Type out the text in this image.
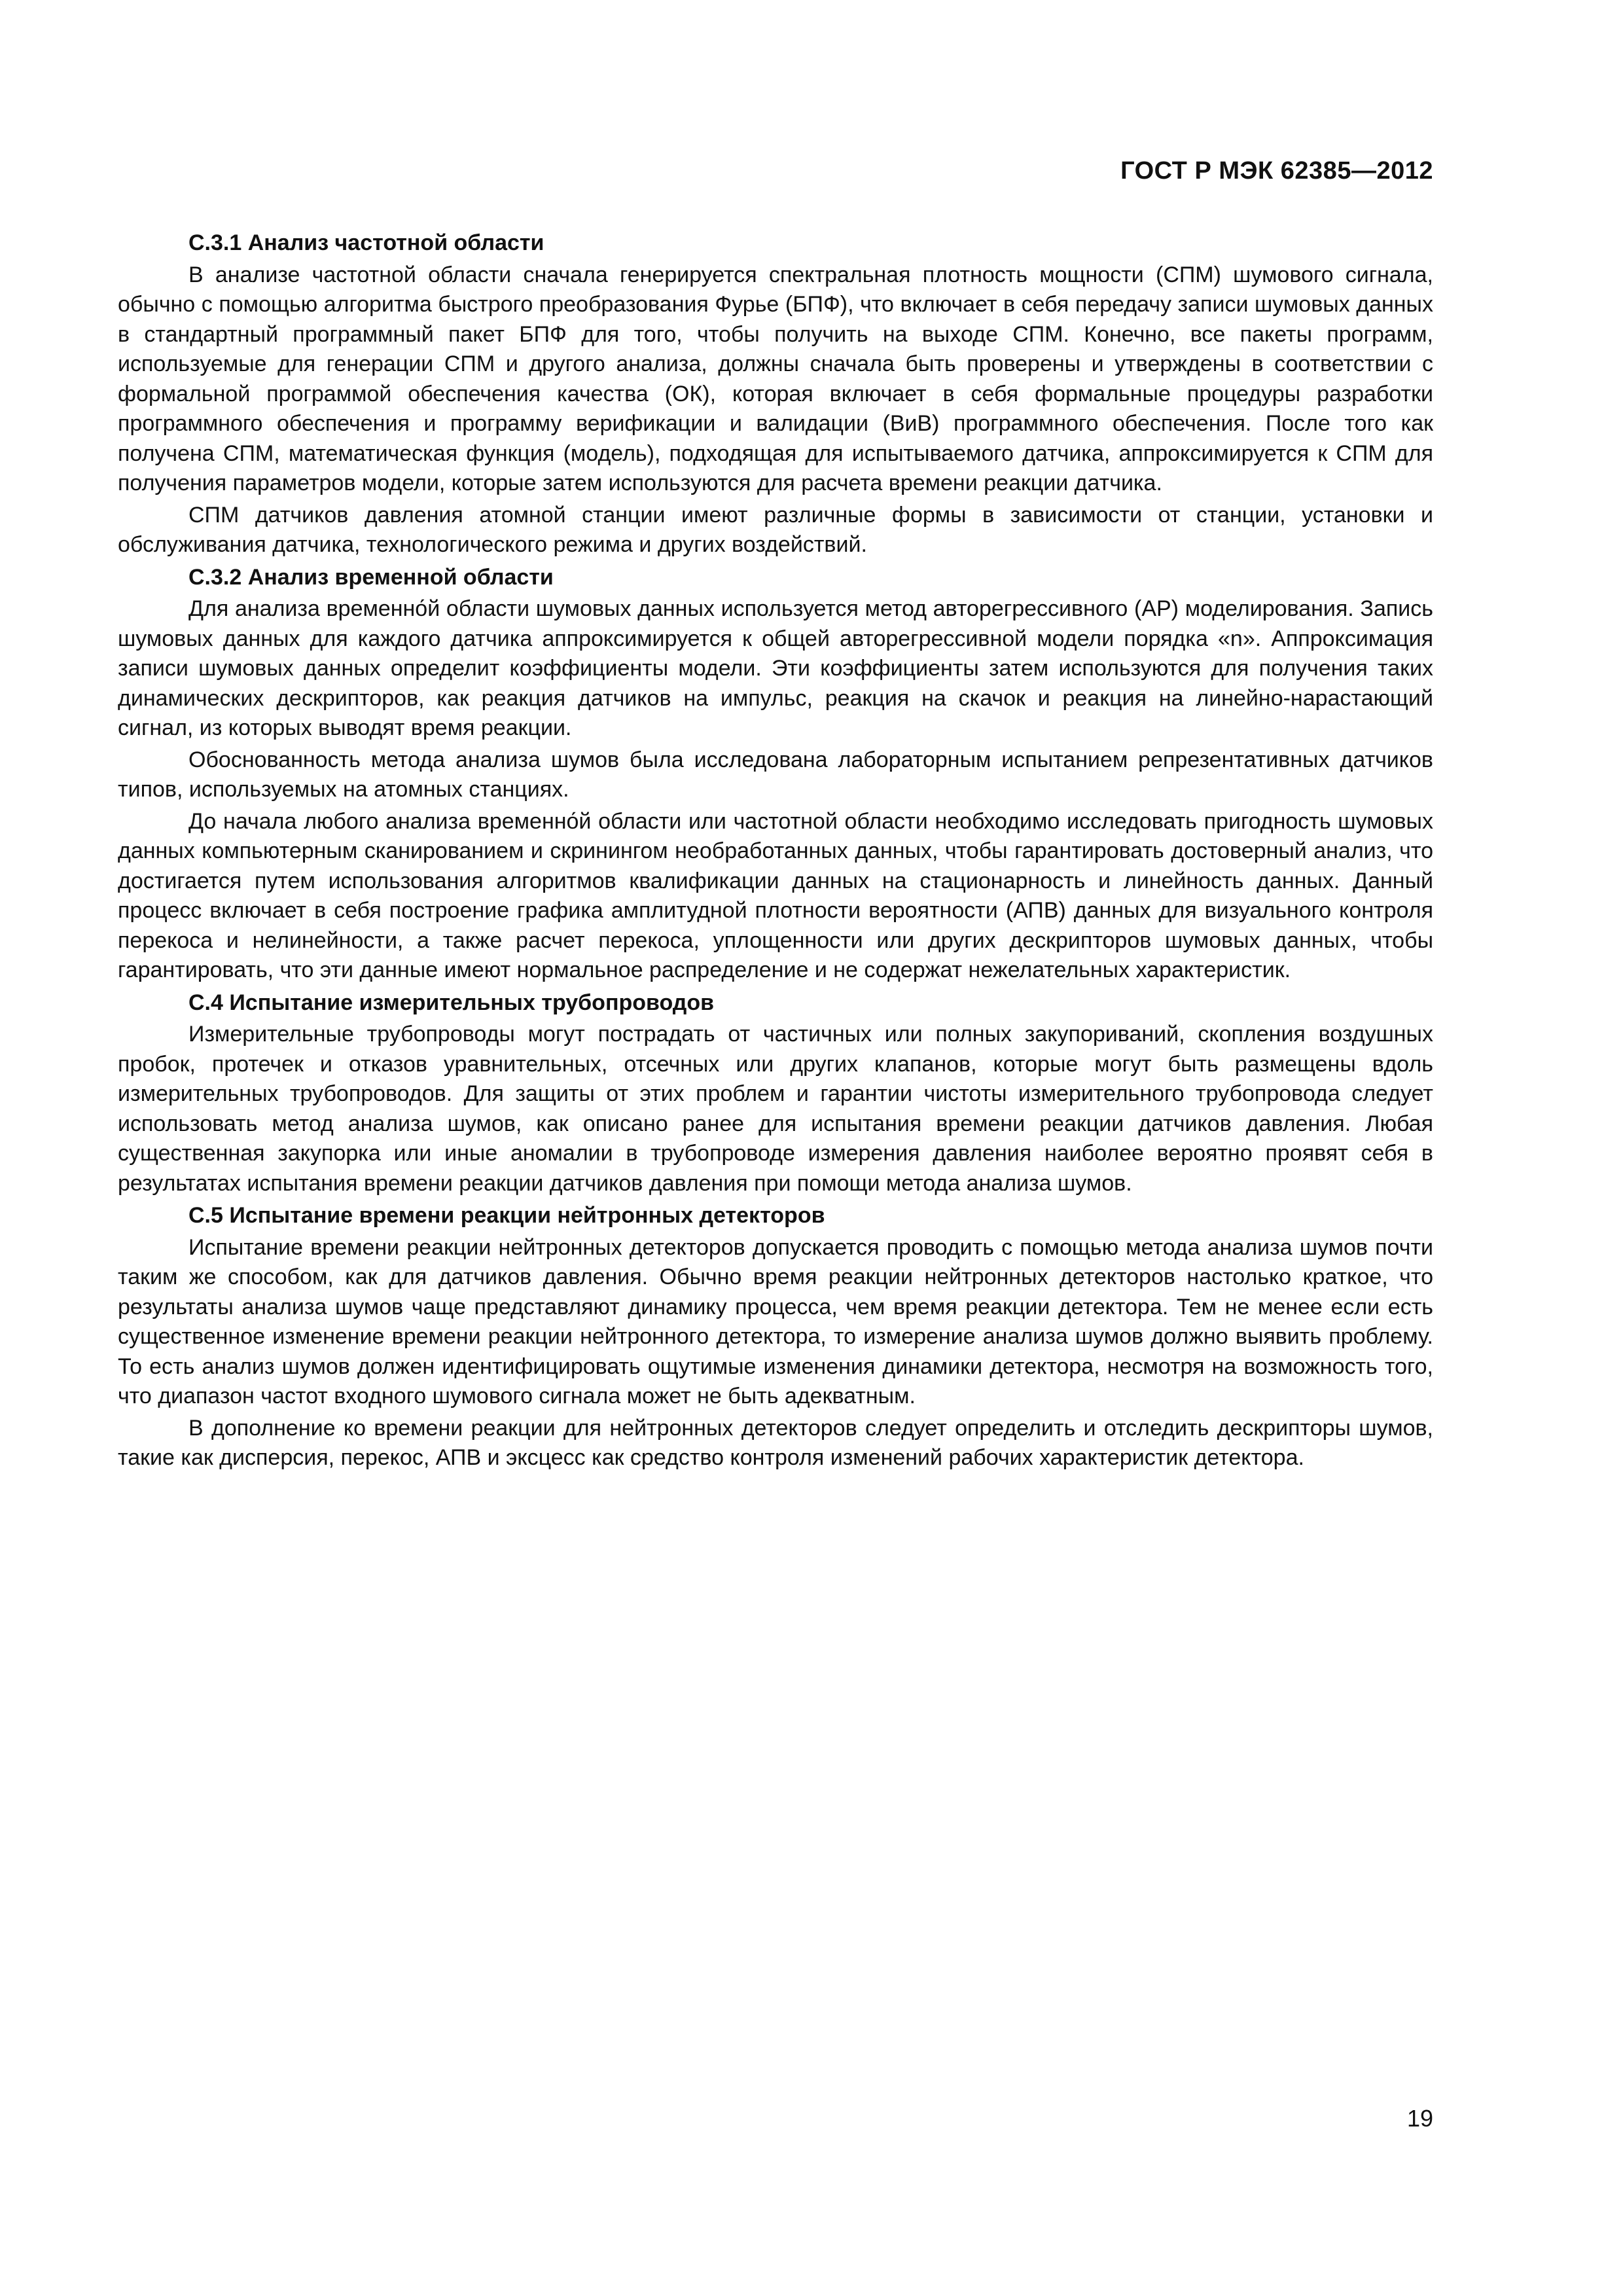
ГОСТ Р МЭК 62385—2012
С.3.1 Анализ частотной области

В анализе частотной области сначала генерируется спектральная плотность мощности (СПМ) шумового сигнала, обычно с помощью алгоритма быстрого преобразования Фурье (БПФ), что включает в себя передачу записи шумовых данных в стандартный программный пакет БПФ для того, чтобы получить на выходе СПМ. Конечно, все пакеты программ, используемые для генерации СПМ и другого анализа, должны сначала быть проверены и утверждены в соответствии с формальной программой обеспечения качества (ОК), которая включает в себя формальные процедуры разработки программного обеспечения и программу верификации и валидации (ВиВ) программного обеспечения. После того как получена СПМ, математическая функция (модель), подходящая для испытываемого датчика, аппроксимируется к СПМ для получения параметров модели, которые затем используются для расчета времени реакции датчика.

СПМ датчиков давления атомной станции имеют различные формы в зависимости от станции, установки и обслуживания датчика, технологического режима и других воздействий.

С.3.2 Анализ временной области

Для анализа временно́й области шумовых данных используется метод авторегрессивного (АР) моделирования. Запись шумовых данных для каждого датчика аппроксимируется к общей авторегрессивной модели порядка «n». Аппроксимация записи шумовых данных определит коэффициенты модели. Эти коэффициенты затем используются для получения таких динамических дескрипторов, как реакция датчиков на импульс, реакция на скачок и реакция на линейно-нарастающий сигнал, из которых выводят время реакции.

Обоснованность метода анализа шумов была исследована лабораторным испытанием репрезентативных датчиков типов, используемых на атомных станциях.

До начала любого анализа временно́й области или частотной области необходимо исследовать пригодность шумовых данных компьютерным сканированием и скринингом необработанных данных, чтобы гарантировать достоверный анализ, что достигается путем использования алгоритмов квалификации данных на стационарность и линейность данных. Данный процесс включает в себя построение графика амплитудной плотности вероятности (АПВ) данных для визуального контроля перекоса и нелинейности, а также расчет перекоса, уплощенности или других дескрипторов шумовых данных, чтобы гарантировать, что эти данные имеют нормальное распределение и не содержат нежелательных характеристик.

С.4 Испытание измерительных трубопроводов

Измерительные трубопроводы могут пострадать от частичных или полных закупориваний, скопления воздушных пробок, протечек и отказов уравнительных, отсечных или других клапанов, которые могут быть размещены вдоль измерительных трубопроводов. Для защиты от этих проблем и гарантии чистоты измерительного трубопровода следует использовать метод анализа шумов, как описано ранее для испытания времени реакции датчиков давления. Любая существенная закупорка или иные аномалии в трубопроводе измерения давления наиболее вероятно проявят себя в результатах испытания времени реакции датчиков давления при помощи метода анализа шумов.

С.5 Испытание времени реакции нейтронных детекторов

Испытание времени реакции нейтронных детекторов допускается проводить с помощью метода анализа шумов почти таким же способом, как для датчиков давления. Обычно время реакции нейтронных детекторов настолько краткое, что результаты анализа шумов чаще представляют динамику процесса, чем время реакции детектора. Тем не менее если есть существенное изменение времени реакции нейтронного детектора, то измерение анализа шумов должно выявить проблему. То есть анализ шумов должен идентифицировать ощутимые изменения динамики детектора, несмотря на возможность того, что диапазон частот входного шумового сигнала может не быть адекватным.

В дополнение ко времени реакции для нейтронных детекторов следует определить и отследить дескрипторы шумов, такие как дисперсия, перекос, АПВ и эксцесс как средство контроля изменений рабочих характеристик детектора.

19
